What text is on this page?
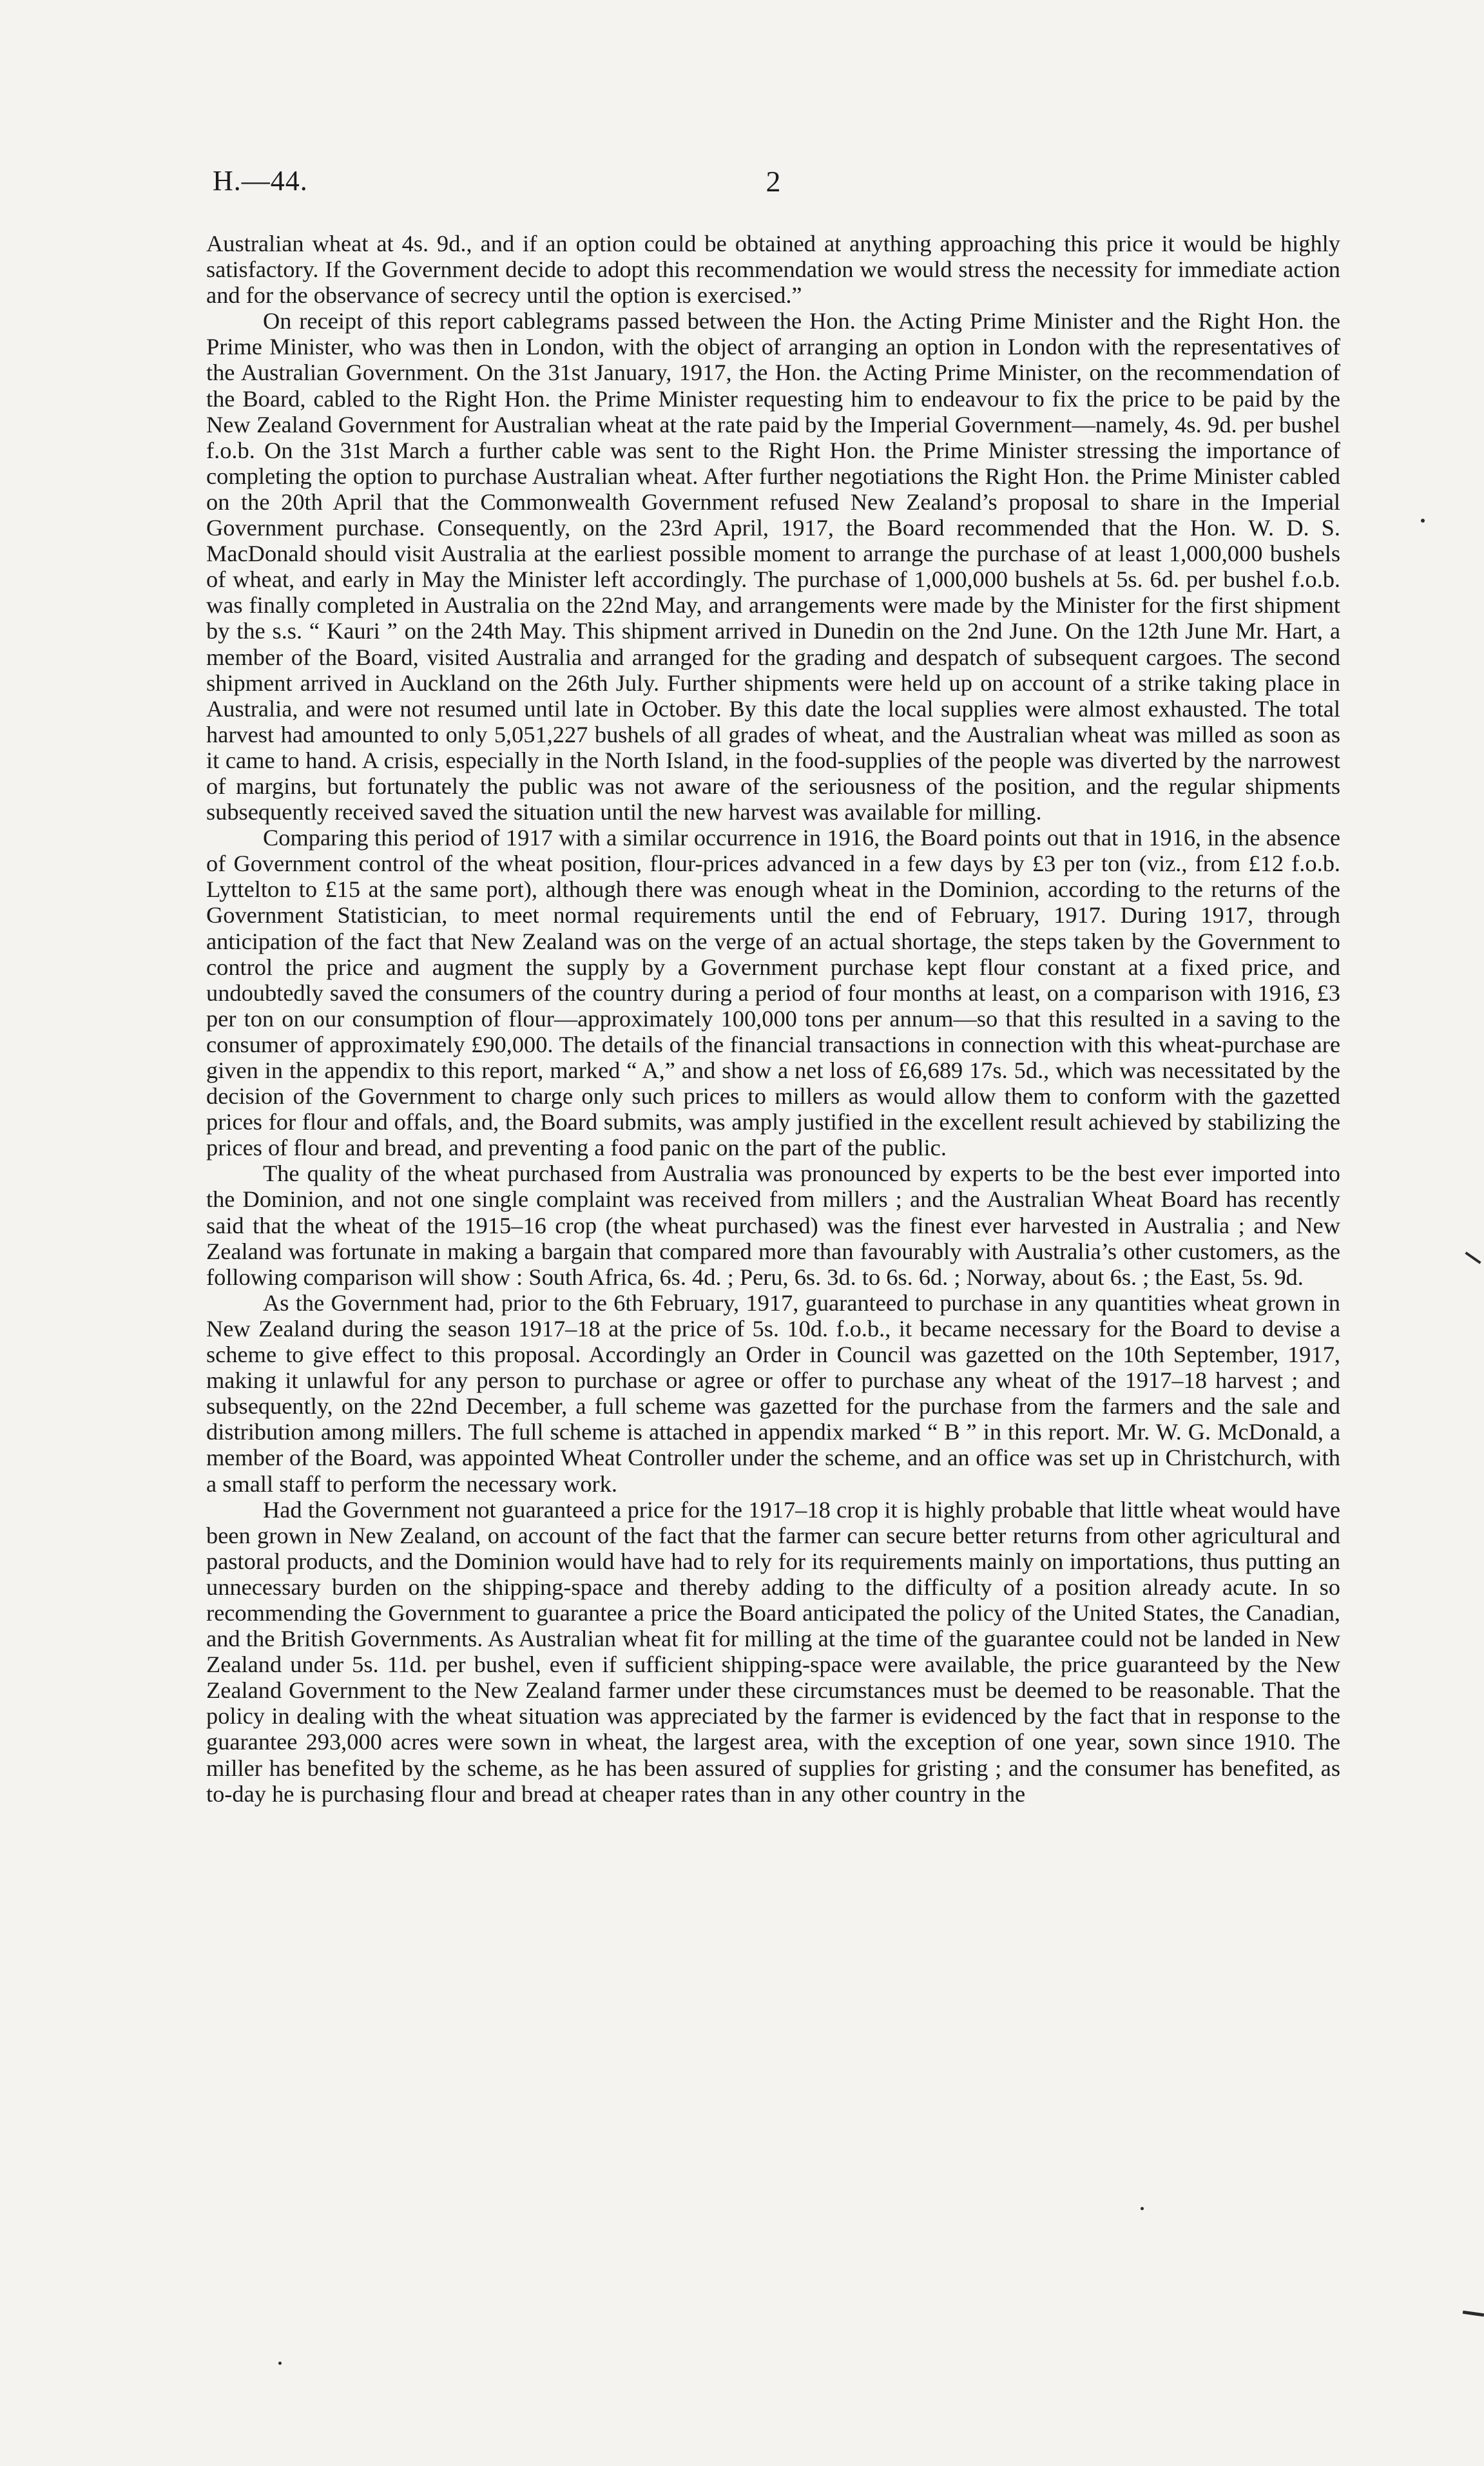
H.—44.	2

Australian wheat at 4s. 9d., and if an option could be obtained at anything approaching this price it would be highly satisfactory. If the Government decide to adopt this recommendation we would stress the necessity for immediate action and for the observance of secrecy until the option is exercised.”

On receipt of this report cablegrams passed between the Hon. the Acting Prime Minister and the Right Hon. the Prime Minister, who was then in London, with the object of arranging an option in London with the representatives of the Australian Government. On the 31st January, 1917, the Hon. the Acting Prime Minister, on the recommendation of the Board, cabled to the Right Hon. the Prime Minister requesting him to endeavour to fix the price to be paid by the New Zealand Government for Australian wheat at the rate paid by the Imperial Government—namely, 4s. 9d. per bushel f.o.b. On the 31st March a further cable was sent to the Right Hon. the Prime Minister stressing the importance of completing the option to purchase Australian wheat. After further negotiations the Right Hon. the Prime Minister cabled on the 20th April that the Commonwealth Government refused New Zealand’s proposal to share in the Imperial Government purchase. Consequently, on the 23rd April, 1917, the Board recommended that the Hon. W. D. S. MacDonald should visit Australia at the earliest possible moment to arrange the purchase of at least 1,000,000 bushels of wheat, and early in May the Minister left accordingly. The purchase of 1,000,000 bushels at 5s. 6d. per bushel f.o.b. was finally completed in Australia on the 22nd May, and arrangements were made by the Minister for the first shipment by the s.s. “ Kauri ” on the 24th May. This shipment arrived in Dunedin on the 2nd June. On the 12th June Mr. Hart, a member of the Board, visited Australia and arranged for the grading and despatch of subsequent cargoes. The second shipment arrived in Auckland on the 26th July. Further shipments were held up on account of a strike taking place in Australia, and were not resumed until late in October. By this date the local supplies were almost exhausted. The total harvest had amounted to only 5,051,227 bushels of all grades of wheat, and the Australian wheat was milled as soon as it came to hand. A crisis, especially in the North Island, in the food-supplies of the people was diverted by the narrowest of margins, but fortunately the public was not aware of the seriousness of the position, and the regular shipments subsequently received saved the situation until the new harvest was available for milling.

Comparing this period of 1917 with a similar occurrence in 1916, the Board points out that in 1916, in the absence of Government control of the wheat position, flour-prices advanced in a few days by £3 per ton (viz., from £12 f.o.b. Lyttelton to £15 at the same port), although there was enough wheat in the Dominion, according to the returns of the Government Statistician, to meet normal requirements until the end of February, 1917. During 1917, through anticipation of the fact that New Zealand was on the verge of an actual shortage, the steps taken by the Government to control the price and augment the supply by a Government purchase kept flour constant at a fixed price, and undoubtedly saved the consumers of the country during a period of four months at least, on a comparison with 1916, £3 per ton on our consumption of flour—approximately 100,000 tons per annum—so that this resulted in a saving to the consumer of approximately £90,000. The details of the financial transactions in connection with this wheat-purchase are given in the appendix to this report, marked “ A,” and show a net loss of £6,689 17s. 5d., which was necessitated by the decision of the Government to charge only such prices to millers as would allow them to conform with the gazetted prices for flour and offals, and, the Board submits, was amply justified in the excellent result achieved by stabilizing the prices of flour and bread, and preventing a food panic on the part of the public.

The quality of the wheat purchased from Australia was pronounced by experts to be the best ever imported into the Dominion, and not one single complaint was received from millers ; and the Australian Wheat Board has recently said that the wheat of the 1915–16 crop (the wheat purchased) was the finest ever harvested in Australia ; and New Zealand was fortunate in making a bargain that compared more than favourably with Australia’s other customers, as the following comparison will show : South Africa, 6s. 4d. ; Peru, 6s. 3d. to 6s. 6d. ; Norway, about 6s. ; the East, 5s. 9d.

As the Government had, prior to the 6th February, 1917, guaranteed to purchase in any quantities wheat grown in New Zealand during the season 1917–18 at the price of 5s. 10d. f.o.b., it became necessary for the Board to devise a scheme to give effect to this proposal. Accordingly an Order in Council was gazetted on the 10th September, 1917, making it unlawful for any person to purchase or agree or offer to purchase any wheat of the 1917–18 harvest ; and subsequently, on the 22nd December, a full scheme was gazetted for the purchase from the farmers and the sale and distribution among millers. The full scheme is attached in appendix marked “ B ” in this report. Mr. W. G. McDonald, a member of the Board, was appointed Wheat Controller under the scheme, and an office was set up in Christchurch, with a small staff to perform the necessary work.

Had the Government not guaranteed a price for the 1917–18 crop it is highly probable that little wheat would have been grown in New Zealand, on account of the fact that the farmer can secure better returns from other agricultural and pastoral products, and the Dominion would have had to rely for its requirements mainly on importations, thus putting an unnecessary burden on the shipping-space and thereby adding to the difficulty of a position already acute. In so recommending the Government to guarantee a price the Board anticipated the policy of the United States, the Canadian, and the British Governments. As Australian wheat fit for milling at the time of the guarantee could not be landed in New Zealand under 5s. 11d. per bushel, even if sufficient shipping-space were available, the price guaranteed by the New Zealand Government to the New Zealand farmer under these circumstances must be deemed to be reasonable. That the policy in dealing with the wheat situation was appreciated by the farmer is evidenced by the fact that in response to the guarantee 293,000 acres were sown in wheat, the largest area, with the exception of one year, sown since 1910. The miller has benefited by the scheme, as he has been assured of supplies for gristing ; and the consumer has benefited, as to-day he is purchasing flour and bread at cheaper rates than in any other country in the
